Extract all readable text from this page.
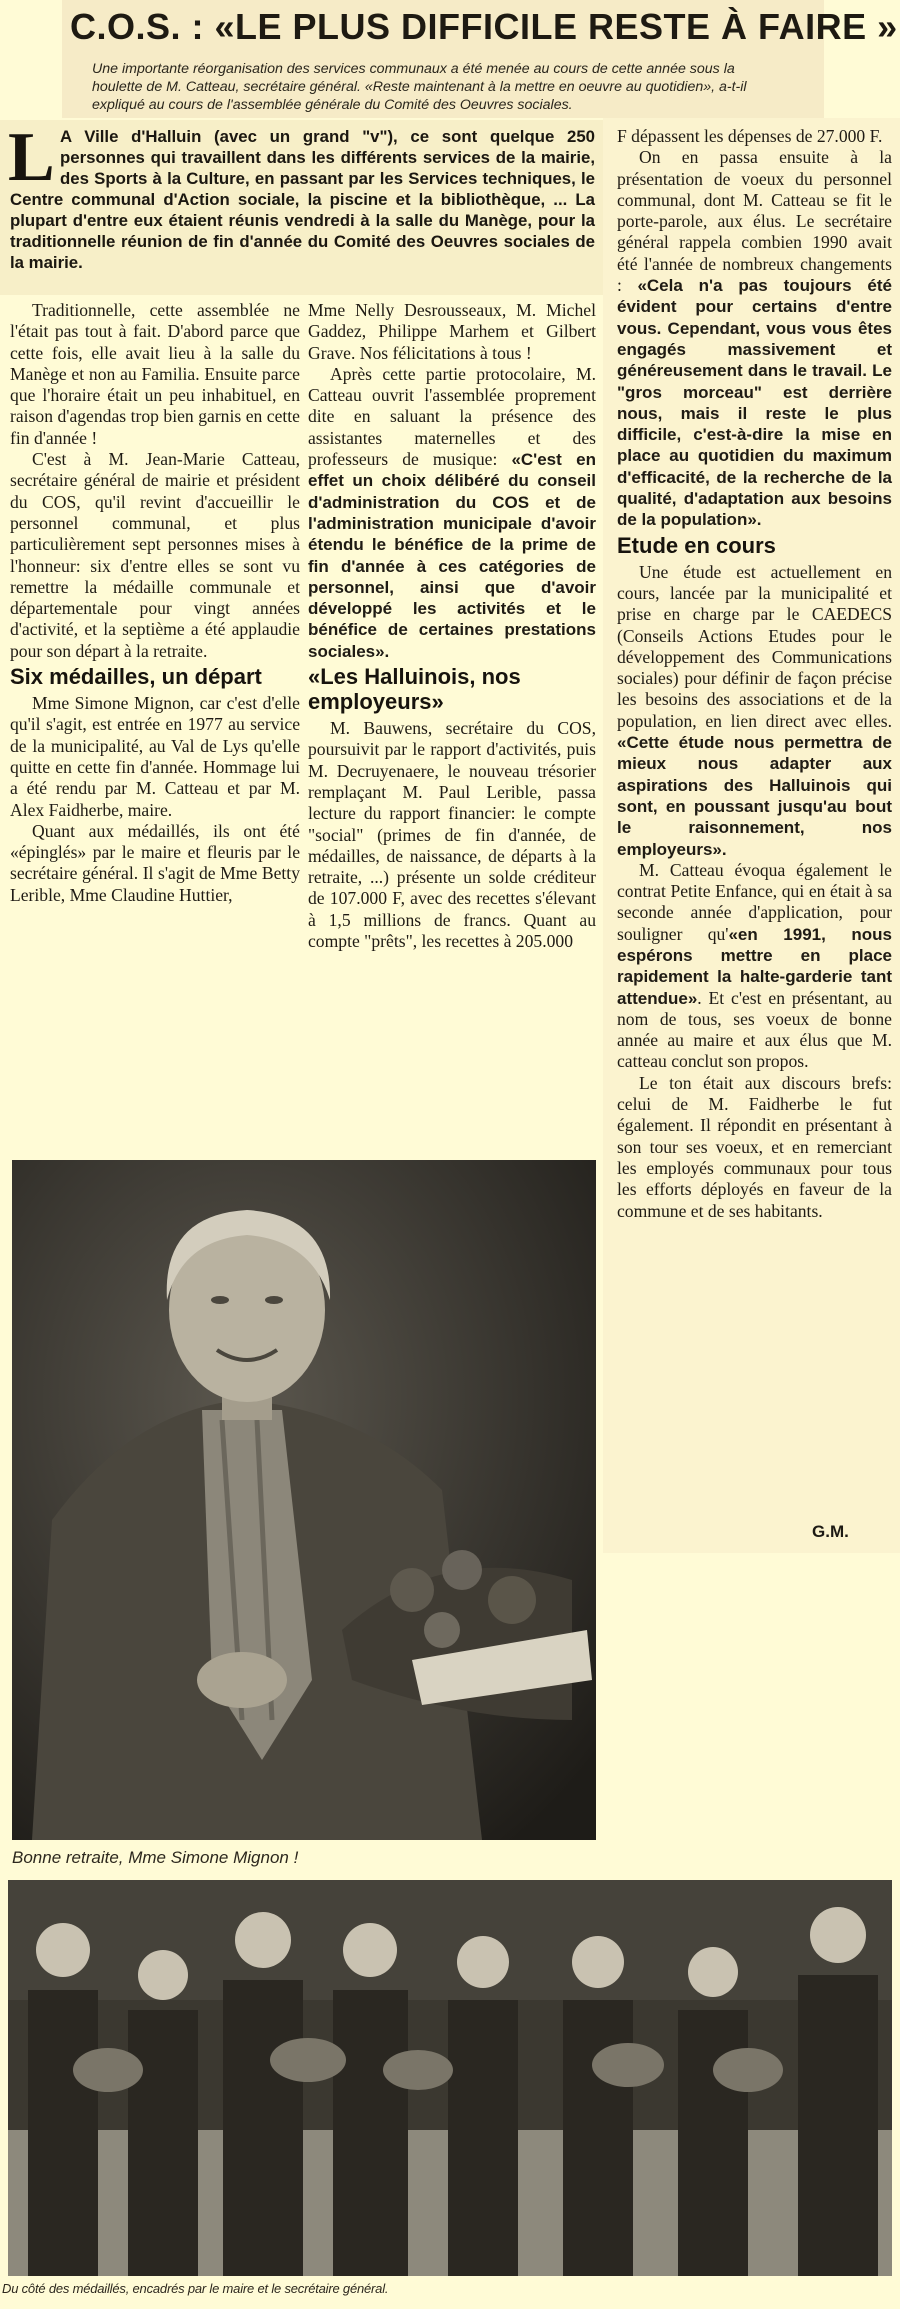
C.O.S. : «LE PLUS DIFFICILE RESTE À FAIRE »

Une importante réorganisation des services communaux a été menée au cours de cette année sous la

houlette de M. Catteau, secrétaire général. «Reste maintenant à la mettre en oeuvre au quotidien», a-t-il

expliqué au cours de l'assemblée générale du Comité des Oeuvres sociales.

L A Ville d'Halluin (avec un grand "v"), ce sont quelque 250 personnes qui travaillent dans les différents services de la mairie, des Sports à la Culture, en passant par les Services techniques, le Centre communal d'Action sociale, la piscine et la bibliothèque, ... La plupart d'entre eux étaient réunis vendredi à la salle du Manège, pour la traditionnelle réunion de fin d'année du Comité des Oeuvres sociales de la mairie.

Traditionnelle, cette assemblée ne l'était pas tout à fait. D'abord parce que cette fois, elle avait lieu à la salle du Manège et non au Familia. Ensuite parce que l'horaire était un peu inhabituel, en raison d'agendas trop bien garnis en cette fin d'année !

C'est à M. Jean-Marie Catteau, secrétaire général de mairie et président du COS, qu'il revint d'accueillir le personnel communal, et plus particulièrement sept personnes mises à l'honneur: six d'entre elles se sont vu remettre la médaille communale et départementale pour vingt années d'activité, et la septième a été applaudie pour son départ à la retraite.

Six médailles, un départ

Mme Simone Mignon, car c'est d'elle qu'il s'agit, est entrée en 1977 au service de la municipalité, au Val de Lys qu'elle quitte en cette fin d'année. Hommage lui a été rendu par M. Catteau et par M. Alex Faidherbe, maire.

Quant aux médaillés, ils ont été «épinglés» par le maire et fleuris par le secrétaire général. Il s'agit de Mme Betty Lerible, Mme Claudine Huttier,

Mme Nelly Desrousseaux, M. Michel Gaddez, Philippe Marhem et Gilbert Grave. Nos félicitations à tous !

Après cette partie protocolaire, M. Catteau ouvrit l'assemblée proprement dite en saluant la présence des assistantes maternelles et des professeurs de musique: «C'est en effet un choix délibéré du conseil d'administration du COS et de l'administration municipale d'avoir étendu le bénéfice de la prime de fin d'année à ces catégories de personnel, ainsi que d'avoir développé les activités et le bénéfice de certaines prestations sociales».

«Les Halluinois, nos employeurs»

M. Bauwens, secrétaire du COS, poursuivit par le rapport d'activités, puis M. Decruyenaere, le nouveau trésorier remplaçant M. Paul Lerible, passa lecture du rapport financier: le compte "social" (primes de fin d'année, de médailles, de naissance, de départs à la retraite, ...) présente un solde créditeur de 107.000 F, avec des recettes s'élevant à 1,5 millions de francs. Quant au compte "prêts", les recettes à 205.000

F dépassent les dépenses de 27.000 F.

On en passa ensuite à la présentation de voeux du personnel communal, dont M. Catteau se fit le porte-parole, aux élus. Le secrétaire général rappela combien 1990 avait été l'année de nombreux changements : «Cela n'a pas toujours été évident pour certains d'entre vous. Cependant, vous vous êtes engagés massivement et généreusement dans le travail. Le "gros morceau" est derrière nous, mais il reste le plus difficile, c'est-à-dire la mise en place au quotidien du maximum d'efficacité, de la recherche de la qualité, d'adaptation aux besoins de la population».

Etude en cours

Une étude est actuellement en cours, lancée par la municipalité et prise en charge par le CAEDECS (Conseils Actions Etudes pour le développement des Communications sociales) pour définir de façon précise les besoins des associations et de la population, en lien direct avec elles. «Cette étude nous permettra de mieux nous adapter aux aspirations des Halluinois qui sont, en poussant jusqu'au bout le raisonnement, nos employeurs».

M. Catteau évoqua également le contrat Petite Enfance, qui en était à sa seconde année d'application, pour souligner qu'«en 1991, nous espérons mettre en place rapidement la halte-garderie tant attendue». Et c'est en présentant, au nom de tous, ses voeux de bonne année au maire et aux élus que M. catteau conclut son propos.

Le ton était aux discours brefs: celui de M. Faidherbe le fut également. Il répondit en présentant à son tour ses voeux, et en remerciant les employés communaux pour tous les efforts déployés en faveur de la commune et de ses habitants.

G.M.
Bonne retraite, Mme Simone Mignon !
Du côté des médaillés, encadrés par le maire et le secrétaire général.
